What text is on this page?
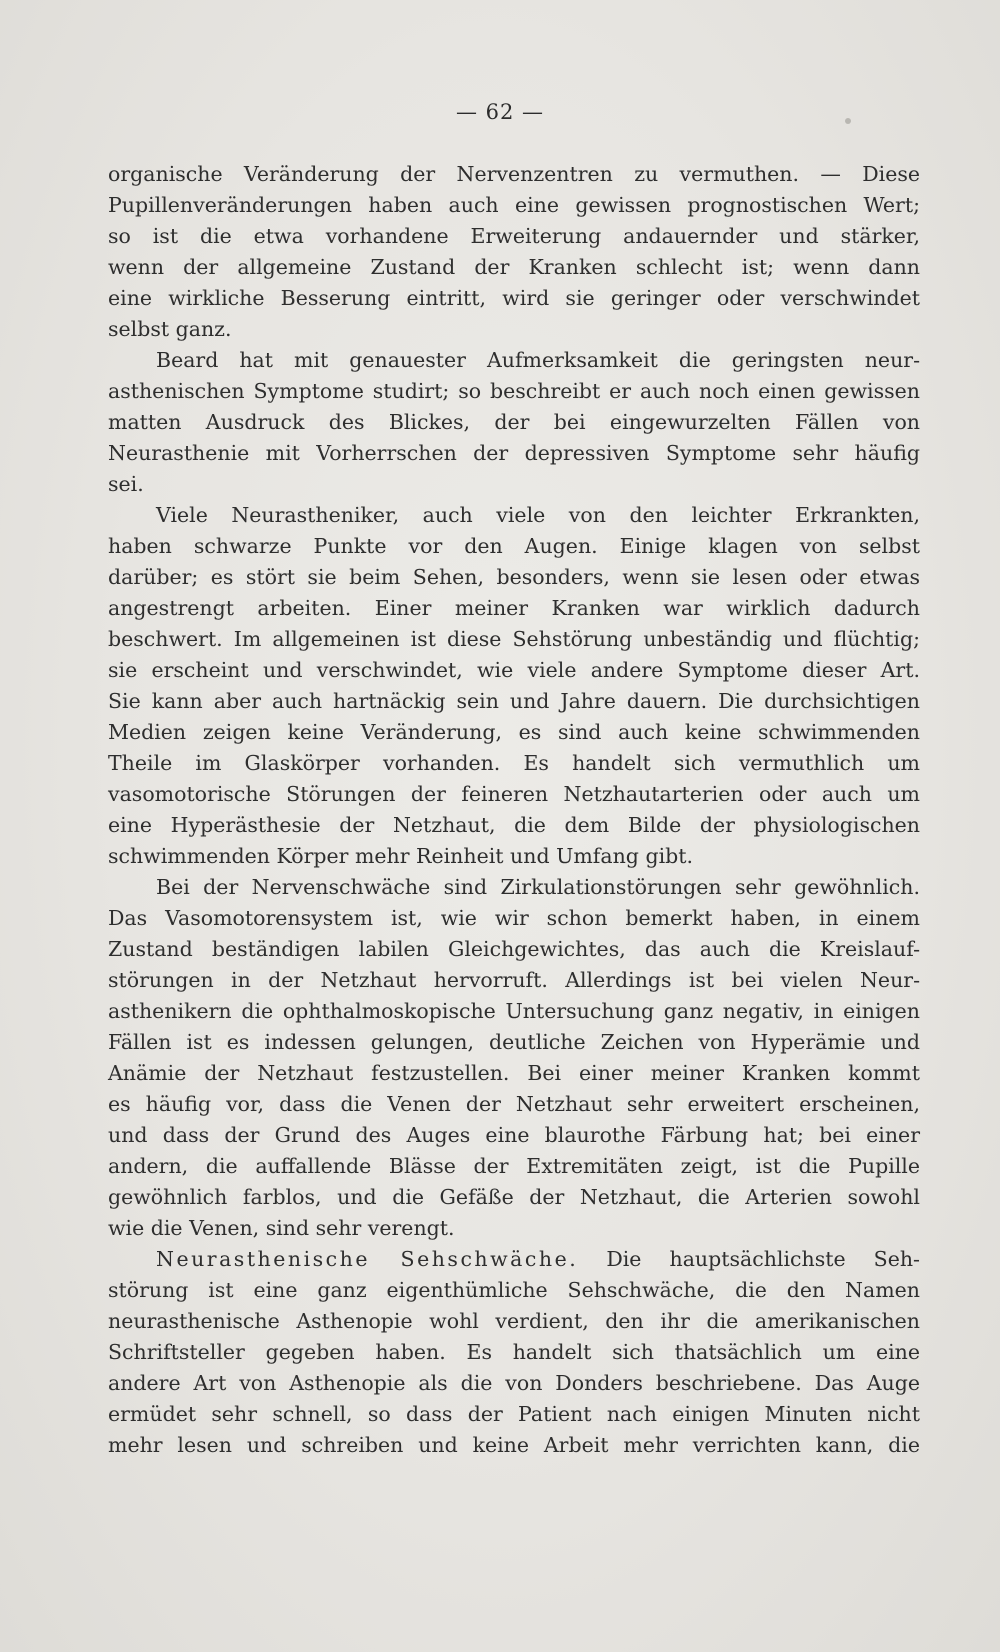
— 62 —
organische Veränderung der Nervenzentren zu vermuthen. — Diese
Pupillenveränderungen haben auch eine gewissen prognostischen Wert;
so ist die etwa vorhandene Erweiterung andauernder und stärker,
wenn der allgemeine Zustand der Kranken schlecht ist; wenn dann
eine wirkliche Besserung eintritt, wird sie geringer oder verschwindet
selbst ganz.
Beard hat mit genauester Aufmerksamkeit die geringsten neur-
asthenischen Symptome studirt; so beschreibt er auch noch einen gewissen
matten Ausdruck des Blickes, der bei eingewurzelten Fällen von
Neurasthenie mit Vorherrschen der depressiven Symptome sehr häufig
sei.
Viele Neurastheniker, auch viele von den leichter Erkrankten,
haben schwarze Punkte vor den Augen. Einige klagen von selbst
darüber; es stört sie beim Sehen, besonders, wenn sie lesen oder etwas
angestrengt arbeiten. Einer meiner Kranken war wirklich dadurch
beschwert. Im allgemeinen ist diese Sehstörung unbeständig und flüchtig;
sie erscheint und verschwindet, wie viele andere Symptome dieser Art.
Sie kann aber auch hartnäckig sein und Jahre dauern. Die durchsichtigen
Medien zeigen keine Veränderung, es sind auch keine schwimmenden
Theile im Glaskörper vorhanden. Es handelt sich vermuthlich um
vasomotorische Störungen der feineren Netzhautarterien oder auch um
eine Hyperästhesie der Netzhaut, die dem Bilde der physiologischen
schwimmenden Körper mehr Reinheit und Umfang gibt.
Bei der Nervenschwäche sind Zirkulationstörungen sehr gewöhnlich.
Das Vasomotorensystem ist, wie wir schon bemerkt haben, in einem
Zustand beständigen labilen Gleichgewichtes, das auch die Kreislauf-
störungen in der Netzhaut hervorruft. Allerdings ist bei vielen Neur-
asthenikern die ophthalmoskopische Untersuchung ganz negativ, in einigen
Fällen ist es indessen gelungen, deutliche Zeichen von Hyperämie und
Anämie der Netzhaut festzustellen. Bei einer meiner Kranken kommt
es häufig vor, dass die Venen der Netzhaut sehr erweitert erscheinen,
und dass der Grund des Auges eine blaurothe Färbung hat; bei einer
andern, die auffallende Blässe der Extremitäten zeigt, ist die Pupille
gewöhnlich farblos, und die Gefäße der Netzhaut, die Arterien sowohl
wie die Venen, sind sehr verengt.
Neurasthenische Sehschwäche. Die hauptsächlichste Seh-
störung ist eine ganz eigenthümliche Sehschwäche, die den Namen
neurasthenische Asthenopie wohl verdient, den ihr die amerikanischen
Schriftsteller gegeben haben. Es handelt sich thatsächlich um eine
andere Art von Asthenopie als die von Donders beschriebene. Das Auge
ermüdet sehr schnell, so dass der Patient nach einigen Minuten nicht
mehr lesen und schreiben und keine Arbeit mehr verrichten kann, die
